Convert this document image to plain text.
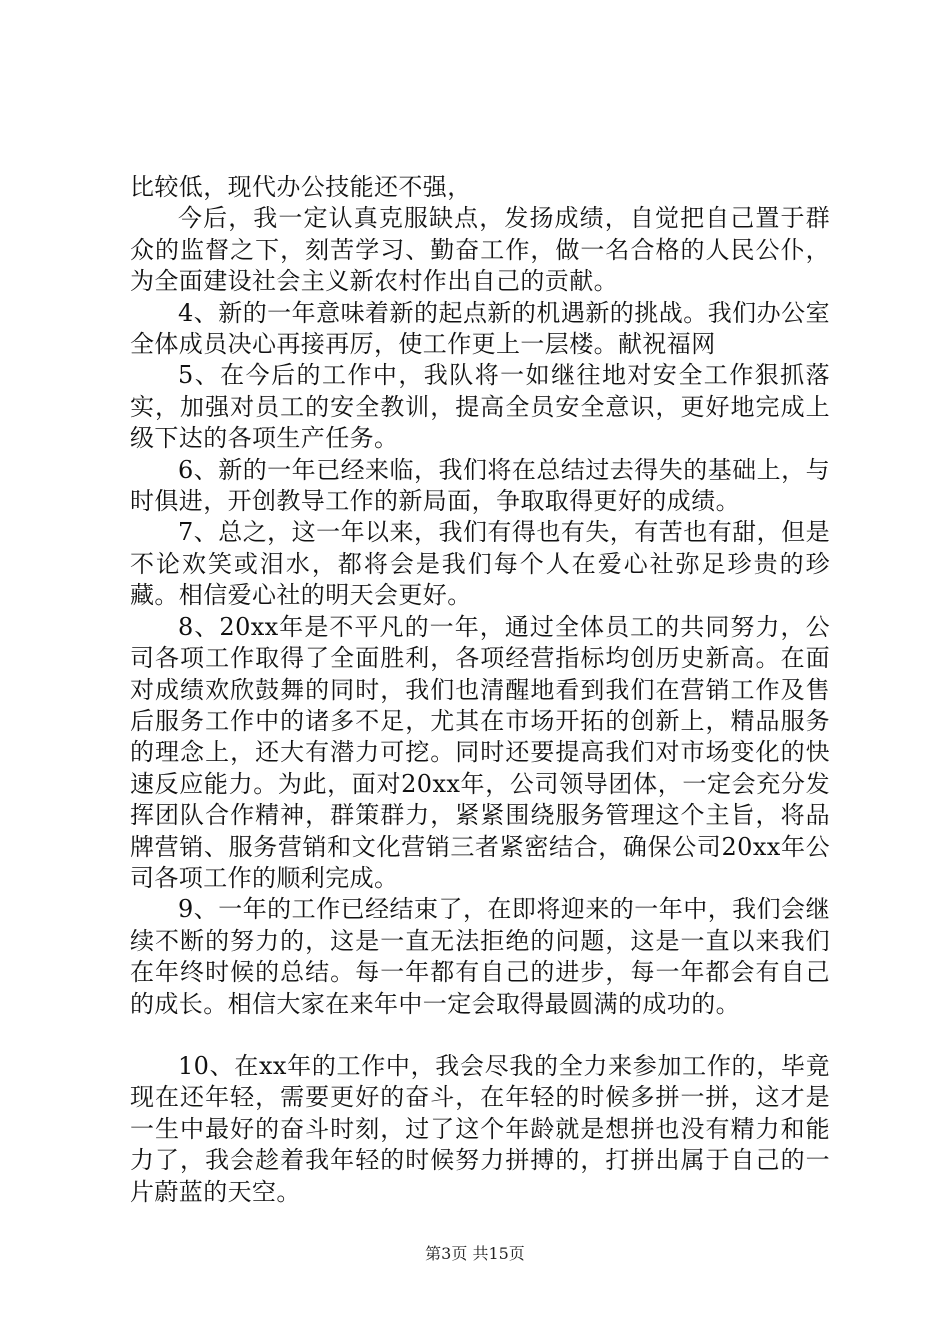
比较低，现代办公技能还不强，

今后，我一定认真克服缺点，发扬成绩，自觉把自己置于群众的监督之下，刻苦学习、勤奋工作，做一名合格的人民公仆，为全面建设社会主义新农村作出自己的贡献。

4、新的一年意味着新的起点新的机遇新的挑战。我们办公室全体成员决心再接再厉，使工作更上一层楼。献祝福网

5、在今后的工作中，我队将一如继往地对安全工作狠抓落实，加强对员工的安全教训，提高全员安全意识，更好地完成上级下达的各项生产任务。

6、新的一年已经来临，我们将在总结过去得失的基础上，与时俱进，开创教导工作的新局面，争取取得更好的成绩。

7、总之，这一年以来，我们有得也有失，有苦也有甜，但是不论欢笑或泪水，都将会是我们每个人在爱心社弥足珍贵的珍藏。相信爱心社的明天会更好。

8、20xx年是不平凡的一年，通过全体员工的共同努力，公司各项工作取得了全面胜利，各项经营指标均创历史新高。在面对成绩欢欣鼓舞的同时，我们也清醒地看到我们在营销工作及售后服务工作中的诸多不足，尤其在市场开拓的创新上，精品服务的理念上，还大有潜力可挖。同时还要提高我们对市场变化的快速反应能力。为此，面对20xx年，公司领导团体，一定会充分发挥团队合作精神，群策群力，紧紧围绕服务管理这个主旨，将品牌营销、服务营销和文化营销三者紧密结合，确保公司20xx年公司各项工作的顺利完成。

9、一年的工作已经结束了，在即将迎来的一年中，我们会继续不断的努力的，这是一直无法拒绝的问题，这是一直以来我们在年终时候的总结。每一年都有自己的进步，每一年都会有自己的成长。相信大家在来年中一定会取得最圆满的成功的。

10、在xx年的工作中，我会尽我的全力来参加工作的，毕竟现在还年轻，需要更好的奋斗，在年轻的时候多拼一拼，这才是一生中最好的奋斗时刻，过了这个年龄就是想拼也没有精力和能力了，我会趁着我年轻的时候努力拼搏的，打拼出属于自己的一片蔚蓝的天空。

第3页 共15页
